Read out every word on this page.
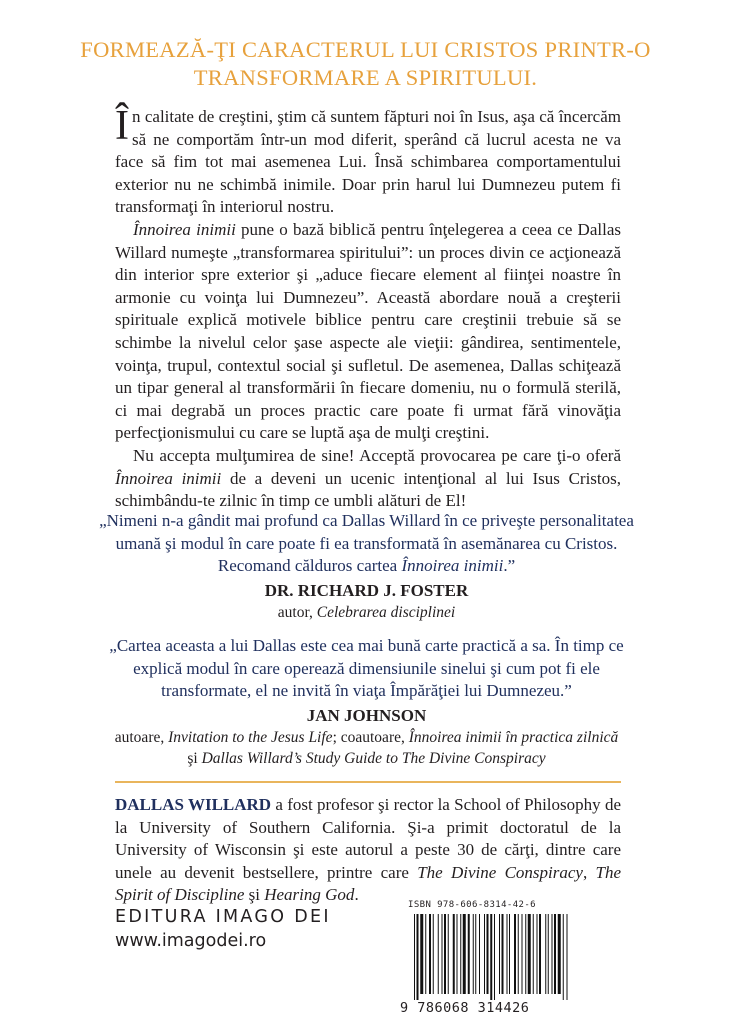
FORMEAZĂ-ŢI CARACTERUL LUI CRISTOS PRINTR-O
TRANSFORMARE A SPIRITULUI.

În calitate de creştini, ştim că suntem făpturi noi în Isus, aşa că încercăm să ne comportăm într-un mod diferit, sperând că lucrul acesta ne va face să fim tot mai asemenea Lui. Însă schimbarea comportamentului exterior nu ne schimbă inimile. Doar prin harul lui Dumnezeu putem fi transformaţi în interiorul nostru.

Înnoirea inimii pune o bază biblică pentru înţelegerea a ceea ce Dallas Willard numeşte „transformarea spiritului”: un proces divin ce acţionează din interior spre exterior şi „aduce fiecare element al fiinţei noastre în armonie cu voinţa lui Dumnezeu”. Această abordare nouă a creşterii spirituale explică motivele biblice pentru care creştinii trebuie să se schimbe la nivelul celor şase aspecte ale vieţii: gândirea, sentimentele, voinţa, trupul, contextul social şi sufletul. De asemenea, Dallas schiţează un tipar general al transformării în fiecare domeniu, nu o formulă sterilă, ci mai degrabă un proces practic care poate fi urmat fără vinovăţia perfecţionismului cu care se luptă aşa de mulţi creştini.

Nu accepta mulţumirea de sine! Acceptă provocarea pe care ţi-o oferă Înnoirea inimii de a deveni un ucenic intenţional al lui Isus Cristos, schimbându-te zilnic în timp ce umbli alături de El!

„Nimeni n-a gândit mai profund ca Dallas Willard în ce priveşte personalitatea umană şi modul în care poate fi ea transformată în asemănarea cu Cristos. Recomand călduros cartea Înnoirea inimii.”
DR. RICHARD J. FOSTER
autor, Celebrarea disciplinei
„Cartea aceasta a lui Dallas este cea mai bună carte practică a sa. În timp ce explică modul în care operează dimensiunile sinelui şi cum pot fi ele transformate, el ne invită în viaţa Împărăţiei lui Dumnezeu.”
JAN JOHNSON
autoare, Invitation to the Jesus Life; coautoare, Înnoirea inimii în practica zilnică
şi Dallas Willard’s Study Guide to The Divine Conspiracy
DALLAS WILLARD a fost profesor şi rector la School of Philosophy de la University of Southern California. Şi-a primit doctoratul de la University of Wisconsin şi este autorul a peste 30 de cărţi, dintre care unele au devenit bestsellere, printre care The Divine Conspiracy, The Spirit of Discipline şi Hearing God.
EDITURA IMAGO DEI
www.imagodei.ro
ISBN 978-606-8314-42-6
9 786068 314426
